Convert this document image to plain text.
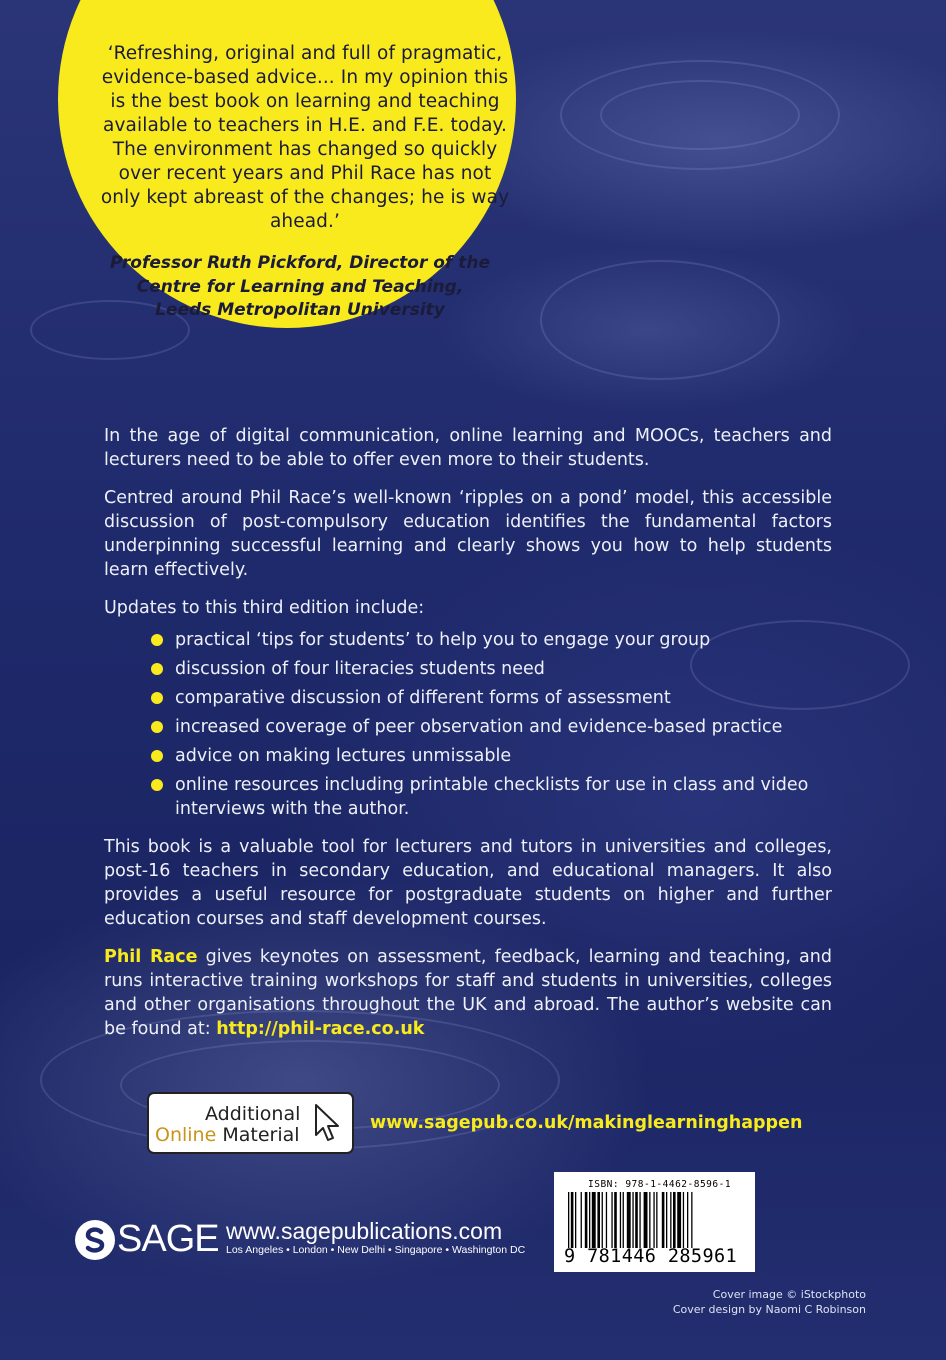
‘Refreshing, original and full of pragmatic, evidence-based advice... In my opinion this is the best book on learning and teaching available to teachers in H.E. and F.E. today. The environment has changed so quickly over recent years and Phil Race has not only kept abreast of the changes; he is way ahead.’
Professor Ruth Pickford, Director of the
Centre for Learning and Teaching,
Leeds Metropolitan University

In the age of digital communication, online learning and MOOCs, teachers and lecturers need to be able to offer even more to their students.

Centred around Phil Race’s well-known ‘ripples on a pond’ model, this accessible discussion of post-compulsory education identifies the fundamental factors underpinning successful learning and clearly shows you how to help students learn effectively.

Updates to this third edition include:

practical ‘tips for students’ to help you to engage your group
discussion of four literacies students need
comparative discussion of different forms of assessment
increased coverage of peer observation and evidence-based practice
advice on making lectures unmissable
online resources including printable checklists for use in class and video interviews with the author.

This book is a valuable tool for lecturers and tutors in universities and colleges, post-16 teachers in secondary education, and educational managers. It also provides a useful resource for postgraduate students on higher and further education courses and staff development courses.

Phil Race gives keynotes on assessment, feedback, learning and teaching, and runs interactive training workshops for staff and students in universities, colleges and other organisations throughout the UK and abroad. The author’s website can be found at: http://phil-race.co.uk

Additional
Online Material
www.sagepub.co.uk/makinglearninghappen
SAGE www.sagepublications.com
Los Angeles • London • New Delhi • Singapore • Washington DC
ISBN: 978-1-4462-8596-1
9 781446 285961
Cover image © iStockphoto
Cover design by Naomi C Robinson
